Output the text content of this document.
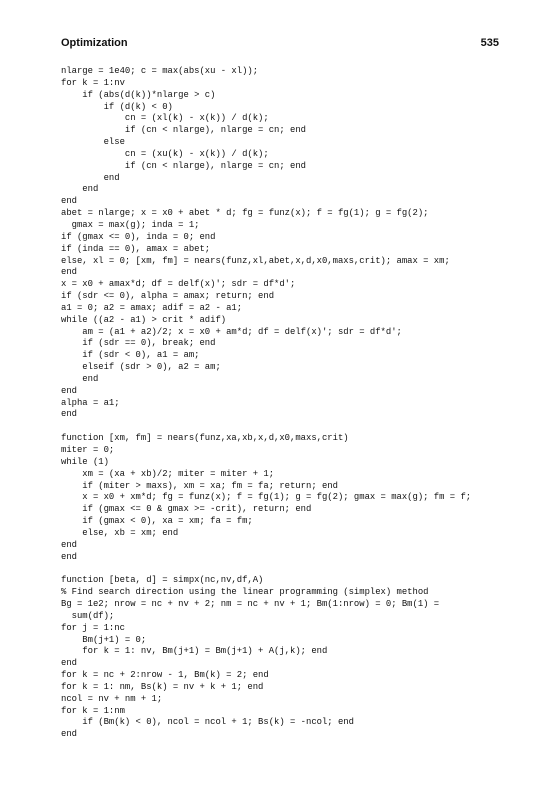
Optimization	535
nlarge = 1e40; c = max(abs(xu - xl));
for k = 1:nv
if (abs(d(k))*nlarge > c)
if (d(k) < 0)
cn = (xl(k) - x(k)) / d(k);
if (cn < nlarge), nlarge = cn; end
else
cn = (xu(k) - x(k)) / d(k);
if (cn < nlarge), nlarge = cn; end
end
end
end
abet = nlarge; x = x0 + abet * d; fg = funz(x); f = fg(1); g = fg(2);
gmax = max(g); inda = 1;
if (gmax <= 0), inda = 0; end
if (inda == 0), amax = abet;
else, xl = 0; [xm, fm] = nears(funz,xl,abet,x,d,x0,maxs,crit); amax = xm;
end
x = x0 + amax*d; df = delf(x)'; sdr = df*d';
if (sdr <= 0), alpha = amax; return; end
a1 = 0; a2 = amax; adif = a2 - a1;
while ((a2 - a1) > crit * adif)
am = (a1 + a2)/2; x = x0 + am*d; df = delf(x)'; sdr = df*d';
if (sdr == 0), break; end
if (sdr < 0), a1 = am;
elseif (sdr > 0), a2 = am;
end
end
alpha = a1;
end
function [xm, fm] = nears(funz,xa,xb,x,d,x0,maxs,crit)
miter = 0;
while (1)
xm = (xa + xb)/2; miter = miter + 1;
if (miter > maxs), xm = xa; fm = fa; return; end
x = x0 + xm*d; fg = funz(x); f = fg(1); g = fg(2); gmax = max(g); fm = f;
if (gmax <= 0 & gmax >= -crit), return; end
if (gmax < 0), xa = xm; fa = fm;
else, xb = xm; end
end
end
function [beta, d] = simpx(nc,nv,df,A)
% Find search direction using the linear programming (simplex) method
Bg = 1e2; nrow = nc + nv + 2; nm = nc + nv + 1; Bm(1:nrow) = 0; Bm(1) =
sum(df);
for j = 1:nc
Bm(j+1) = 0;
for k = 1: nv, Bm(j+1) = Bm(j+1) + A(j,k); end
end
for k = nc + 2:nrow - 1, Bm(k) = 2; end
for k = 1: nm, Bs(k) = nv + k + 1; end
ncol = nv + nm + 1;
for k = 1:nm
if (Bm(k) < 0), ncol = ncol + 1; Bs(k) = -ncol; end
end
